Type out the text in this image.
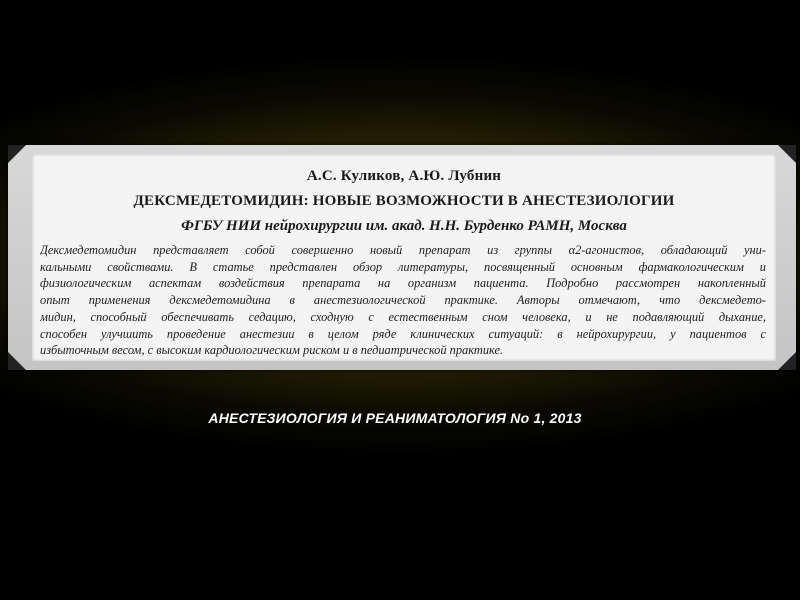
А.С. Куликов, А.Ю. Лубнин
ДЕКСМЕДЕТОМИДИН: НОВЫЕ ВОЗМОЖНОСТИ В АНЕСТЕЗИОЛОГИИ
ФГБУ НИИ нейрохирургии им. акад. Н.Н. Бурденко РАМН, Москва
Дексмедетомидин представляет собой совершенно новый препарат из группы α2-агонистов, обладающий уни-
кальными свойствами. В статье представлен обзор литературы, посвященный основным фармакологическим и
физиологическим аспектам воздействия препарата на организм пациента. Подробно рассмотрен накопленный
опыт применения дексмедетомидина в анестезиологической практике. Авторы отмечают, что дексмедето-
мидин, способный обеспечивать седацию, сходную с естественным сном человека, и не подавляющий дыхание,
способен улучшить проведение анестезии в целом ряде клинических ситуаций: в нейрохирургии, у пациентов с
избыточным весом, с высоким кардиологическим риском и в педиатрической практике.
АНЕСТЕЗИОЛОГИЯ И РЕАНИМАТОЛОГИЯ No 1, 2013
